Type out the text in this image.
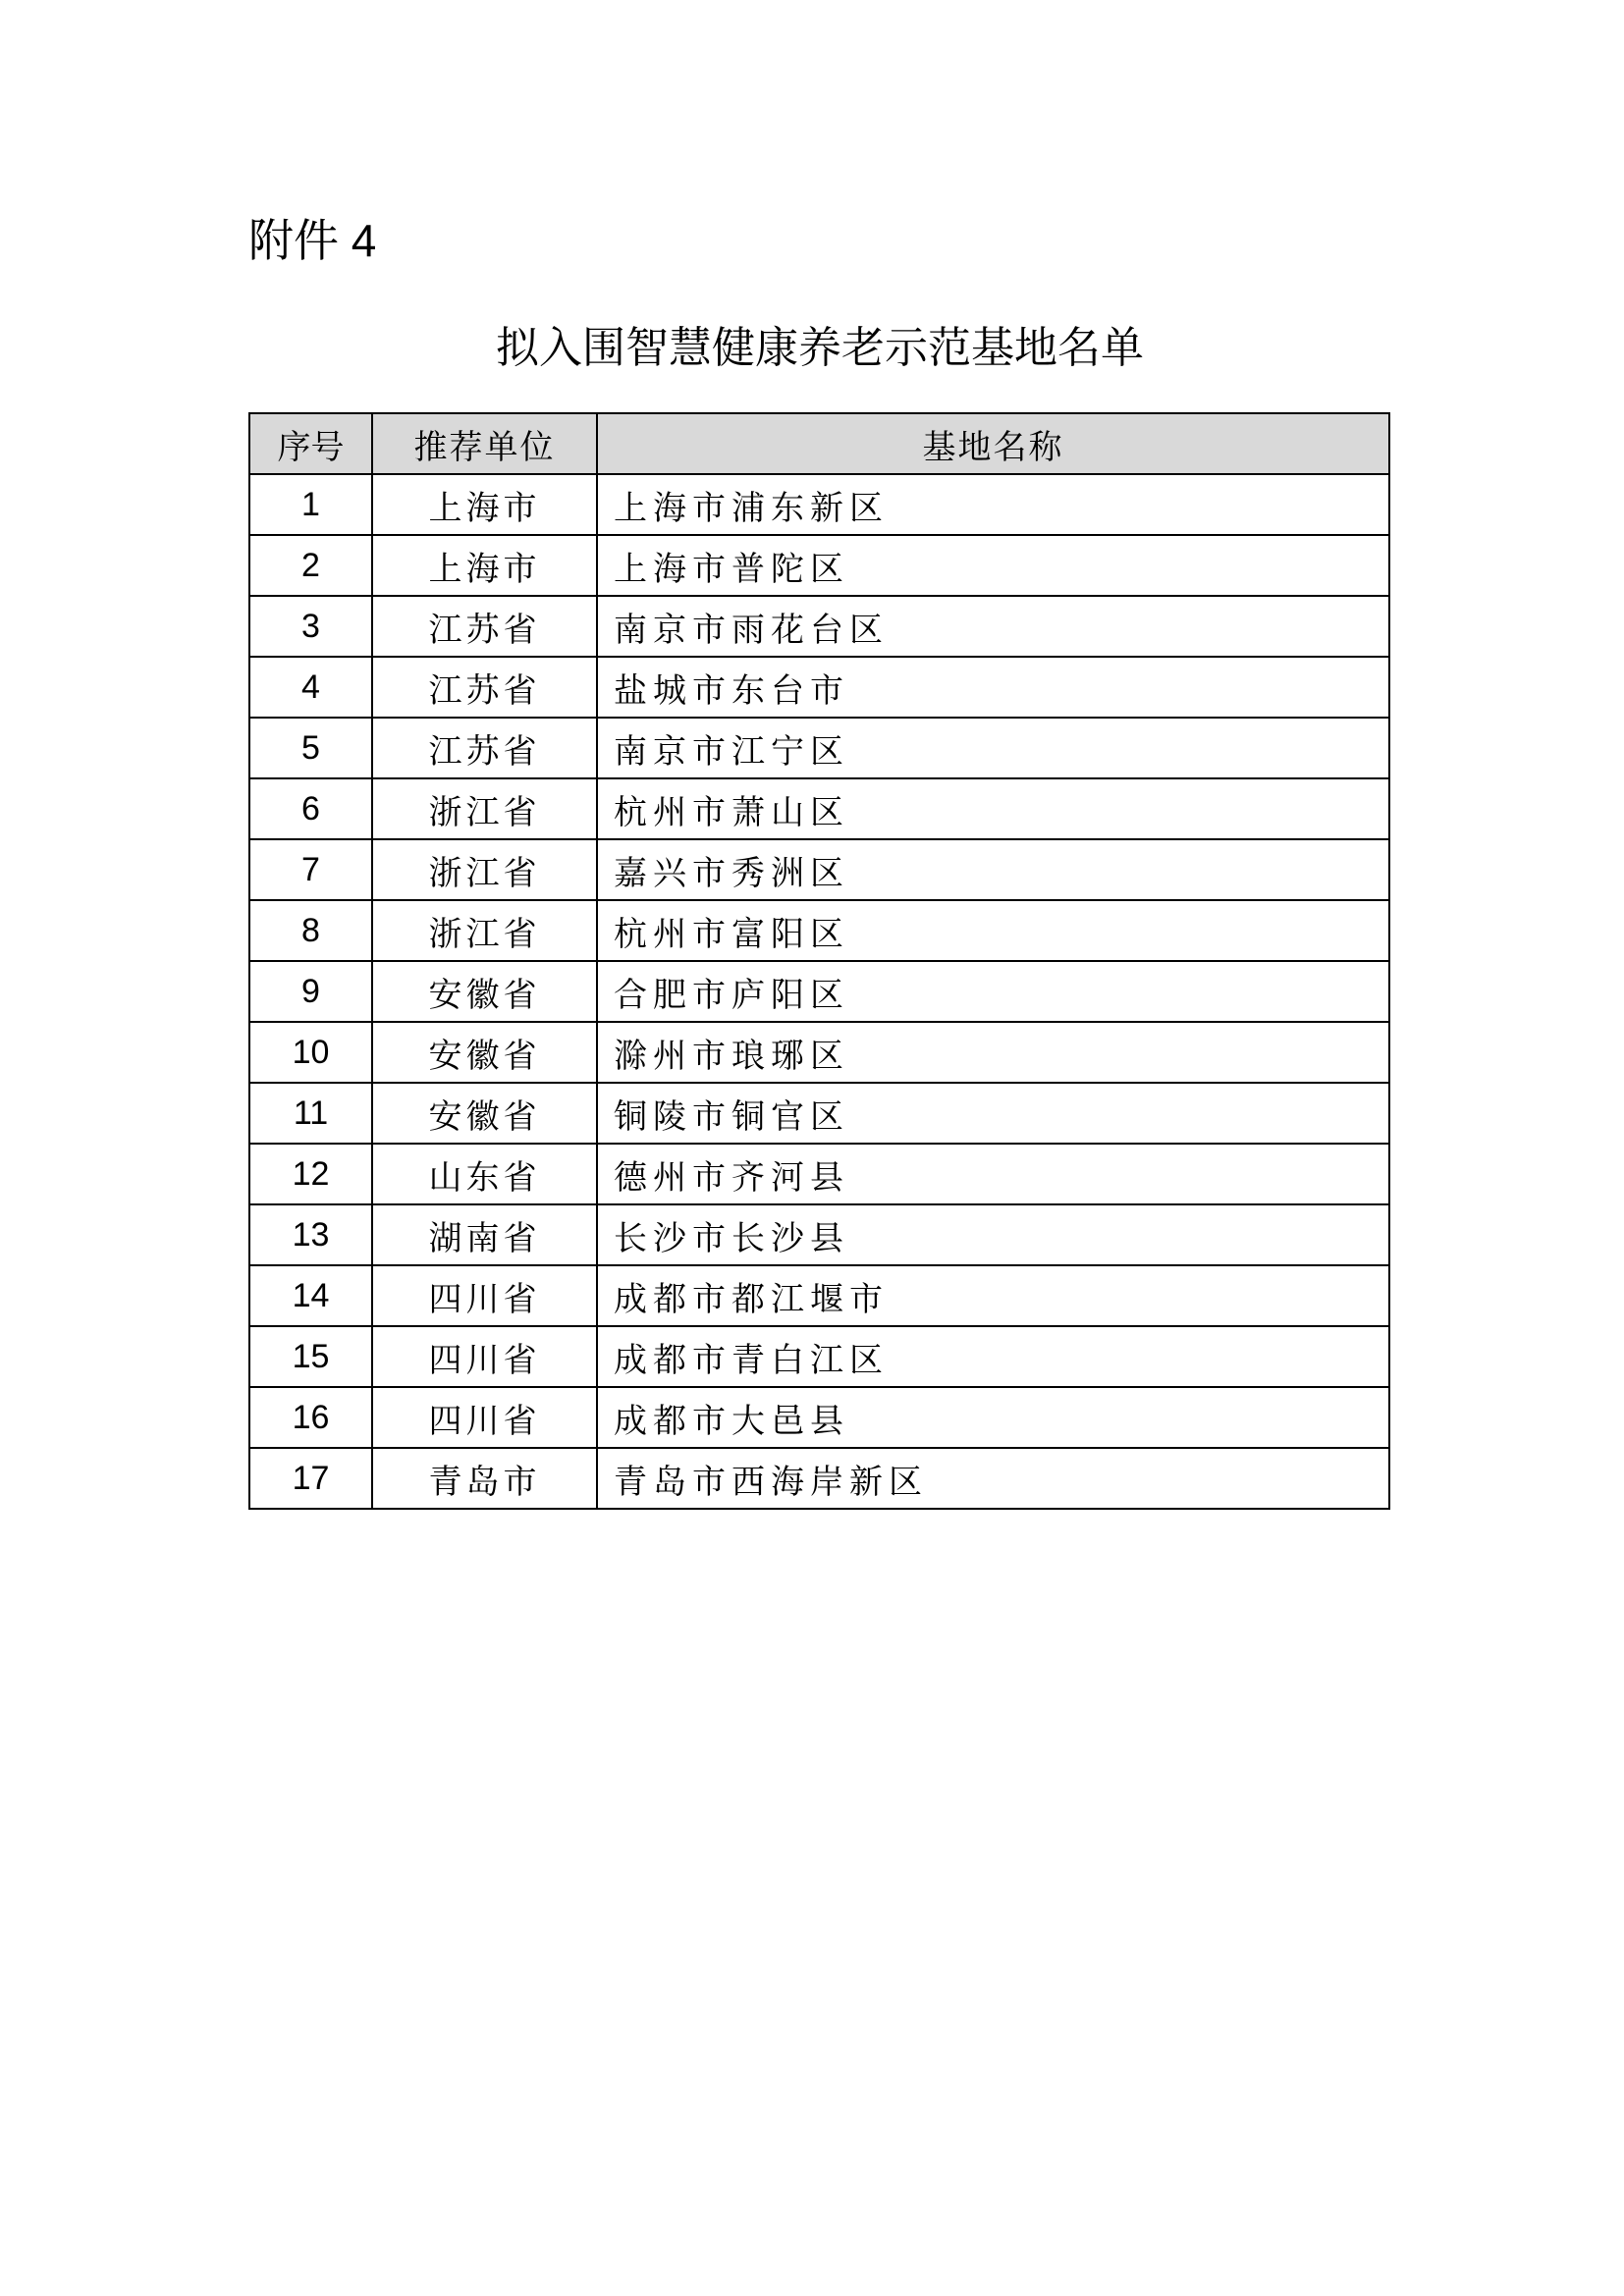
附件 4
拟入围智慧健康养老示范基地名单
序号	推荐单位	基地名称
1	上海市	上海市浦东新区
2	上海市	上海市普陀区
3	江苏省	南京市雨花台区
4	江苏省	盐城市东台市
5	江苏省	南京市江宁区
6	浙江省	杭州市萧山区
7	浙江省	嘉兴市秀洲区
8	浙江省	杭州市富阳区
9	安徽省	合肥市庐阳区
10	安徽省	滁州市琅琊区
11	安徽省	铜陵市铜官区
12	山东省	德州市齐河县
13	湖南省	长沙市长沙县
14	四川省	成都市都江堰市
15	四川省	成都市青白江区
16	四川省	成都市大邑县
17	青岛市	青岛市西海岸新区
